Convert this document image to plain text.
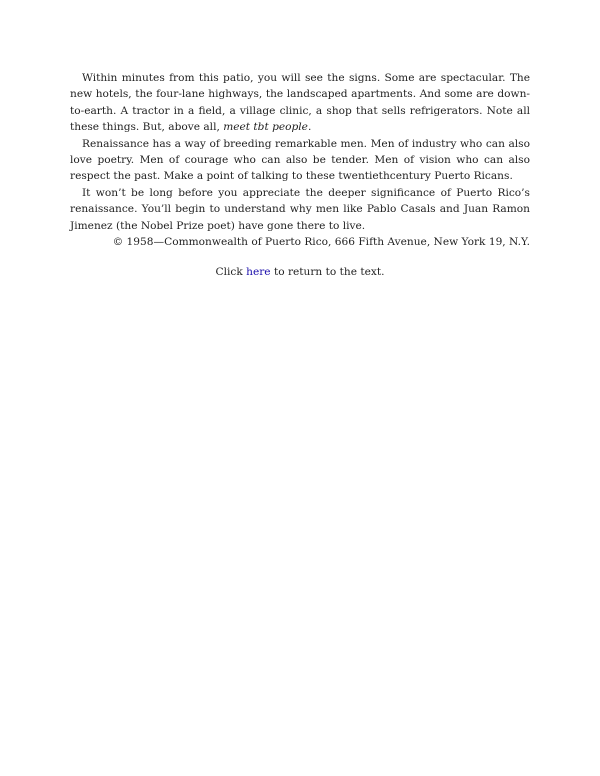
Within minutes from this patio, you will see the signs. Some are spectacular. The new hotels, the four-lane highways, the landscaped apartments. And some are down-to-earth. A tractor in a field, a village clinic, a shop that sells refrigerators. Note all these things. But, above all, meet tbt people.

Renaissance has a way of breeding remarkable men. Men of industry who can also love poetry. Men of courage who can also be tender. Men of vision who can also respect the past. Make a point of talking to these twentiethcentury Puerto Ricans.

It won’t be long before you appreciate the deeper significance of Puerto Rico’s renaissance. You’ll begin to understand why men like Pablo Casals and Juan Ramon Jimenez (the Nobel Prize poet) have gone there to live.

© 1958—Commonwealth of Puerto Rico, 666 Fifth Avenue, New York 19, N.Y.

Click here to return to the text.
